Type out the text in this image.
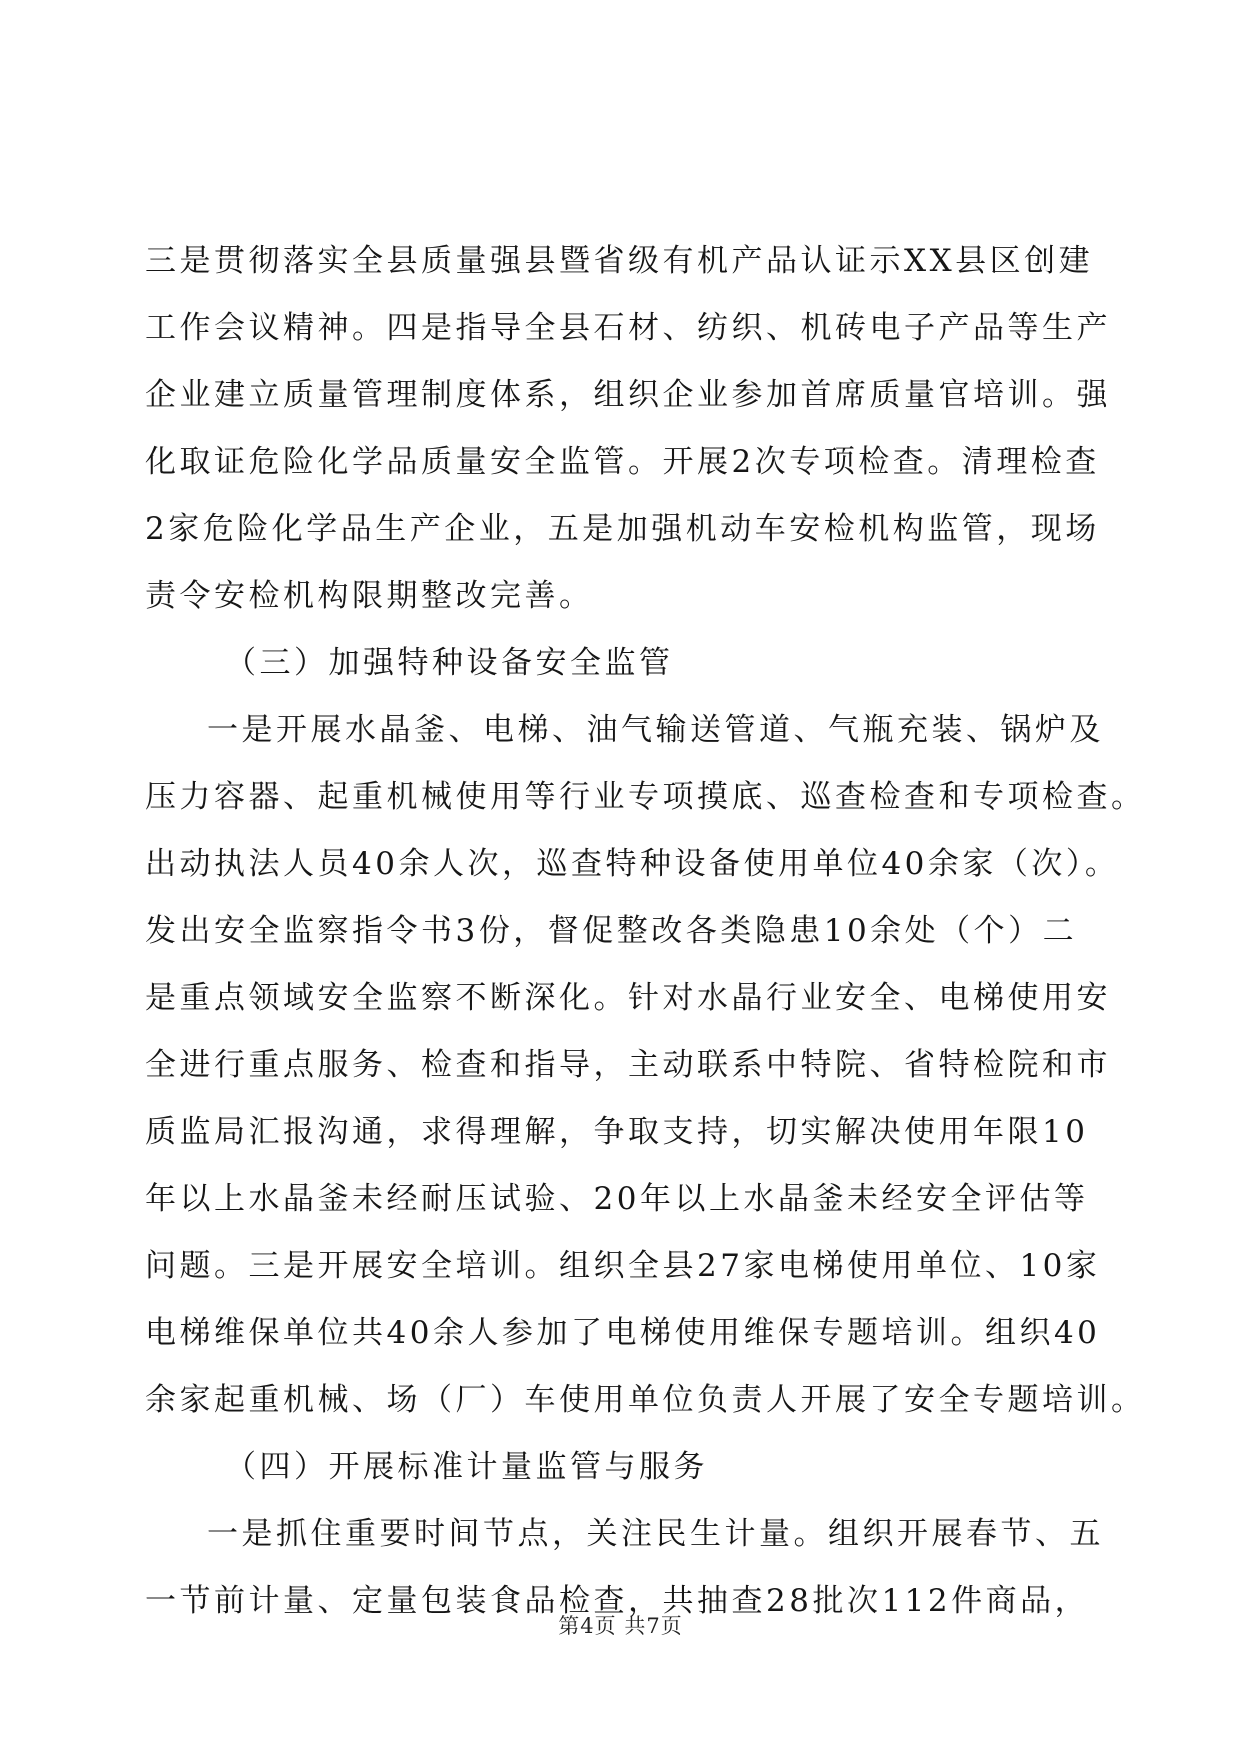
三是贯彻落实全县质量强县暨省级有机产品认证示XX县区创建
工作会议精神。四是指导全县石材、纺织、机砖电子产品等生产
企业建立质量管理制度体系，组织企业参加首席质量官培训。强
化取证危险化学品质量安全监管。开展2次专项检查。清理检查
2家危险化学品生产企业，五是加强机动车安检机构监管，现场
责令安检机构限期整改完善。
（三）加强特种设备安全监管
一是开展水晶釜、电梯、油气输送管道、气瓶充装、锅炉及
压力容器、起重机械使用等行业专项摸底、巡查检查和专项检查。
出动执法人员40余人次，巡查特种设备使用单位40余家（次）。
发出安全监察指令书3份，督促整改各类隐患10余处（个）二
是重点领域安全监察不断深化。针对水晶行业安全、电梯使用安
全进行重点服务、检查和指导，主动联系中特院、省特检院和市
质监局汇报沟通，求得理解，争取支持，切实解决使用年限10
年以上水晶釜未经耐压试验、20年以上水晶釜未经安全评估等
问题。三是开展安全培训。组织全县27家电梯使用单位、10家
电梯维保单位共40余人参加了电梯使用维保专题培训。组织40
余家起重机械、场（厂）车使用单位负责人开展了安全专题培训。
（四）开展标准计量监管与服务
一是抓住重要时间节点，关注民生计量。组织开展春节、五
一节前计量、定量包装食品检查，共抽查28批次112件商品，
第4页 共7页
